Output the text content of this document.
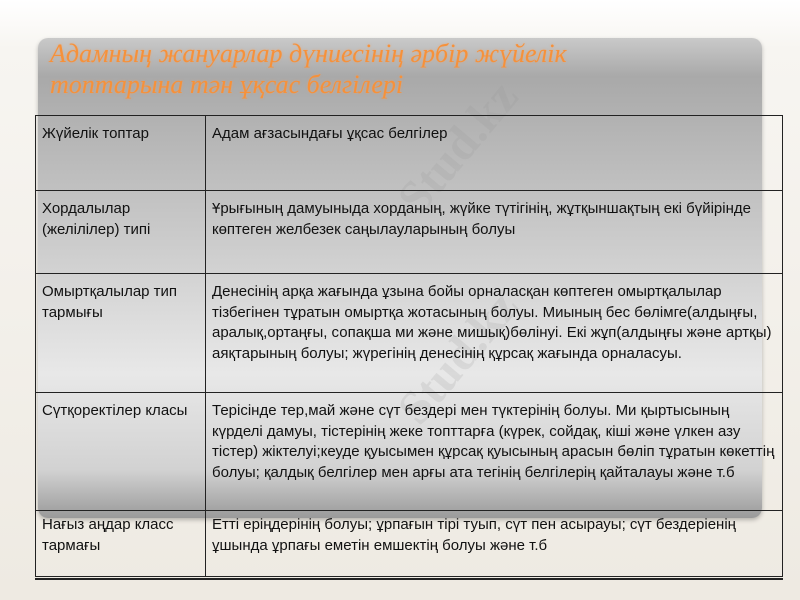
Адамның жануарлар дүниесінің әрбір жүйелік
топтарына тән ұқсас белгілері
Жүйелік топтар	Адам ағзасындағы ұқсас белгілер
Хордалылар (желілілер) типі	Ұрығының дамуыныда хорданың, жүйке түтігінің, жұтқыншақтың екі бүйірінде көптеген желбезек саңылауларының болуы
Омыртқалылар тип тармығы	Денесінің арқа жағында ұзына бойы орналасқан көптеген омыртқалылар тізбегінен тұратын омыртқа жотасының болуы. Миының бес бөлімге(алдыңғы, аралық,ортаңғы, сопақша ми және мишық)бөлінуі. Екі жұп(алдыңғы және артқы) аяқтарының болуы; жүрегінің денесінің құрсақ жағында орналасуы.
Сүтқоректілер класы	Терісінде тер,май және сүт бездері мен түктерінің болуы. Ми қыртысының күрделі дамуы, тістерінің жеке топттарға (күрек, сойдақ, кіші және үлкен азу тістер) жіктелуі;кеуде қуысымен құрсақ қуысының арасын бөліп тұратын көкеттің болуы; қалдық белгілер мен арғы ата тегінің белгілерің қайталауы және т.б
Нағыз аңдар класс тармағы	Етті еріңдерінің болуы; ұрпағын тірі туып, сүт пен асырауы; сүт бездеріенің ұшында ұрпағы еметін емшектің болуы және т.б
